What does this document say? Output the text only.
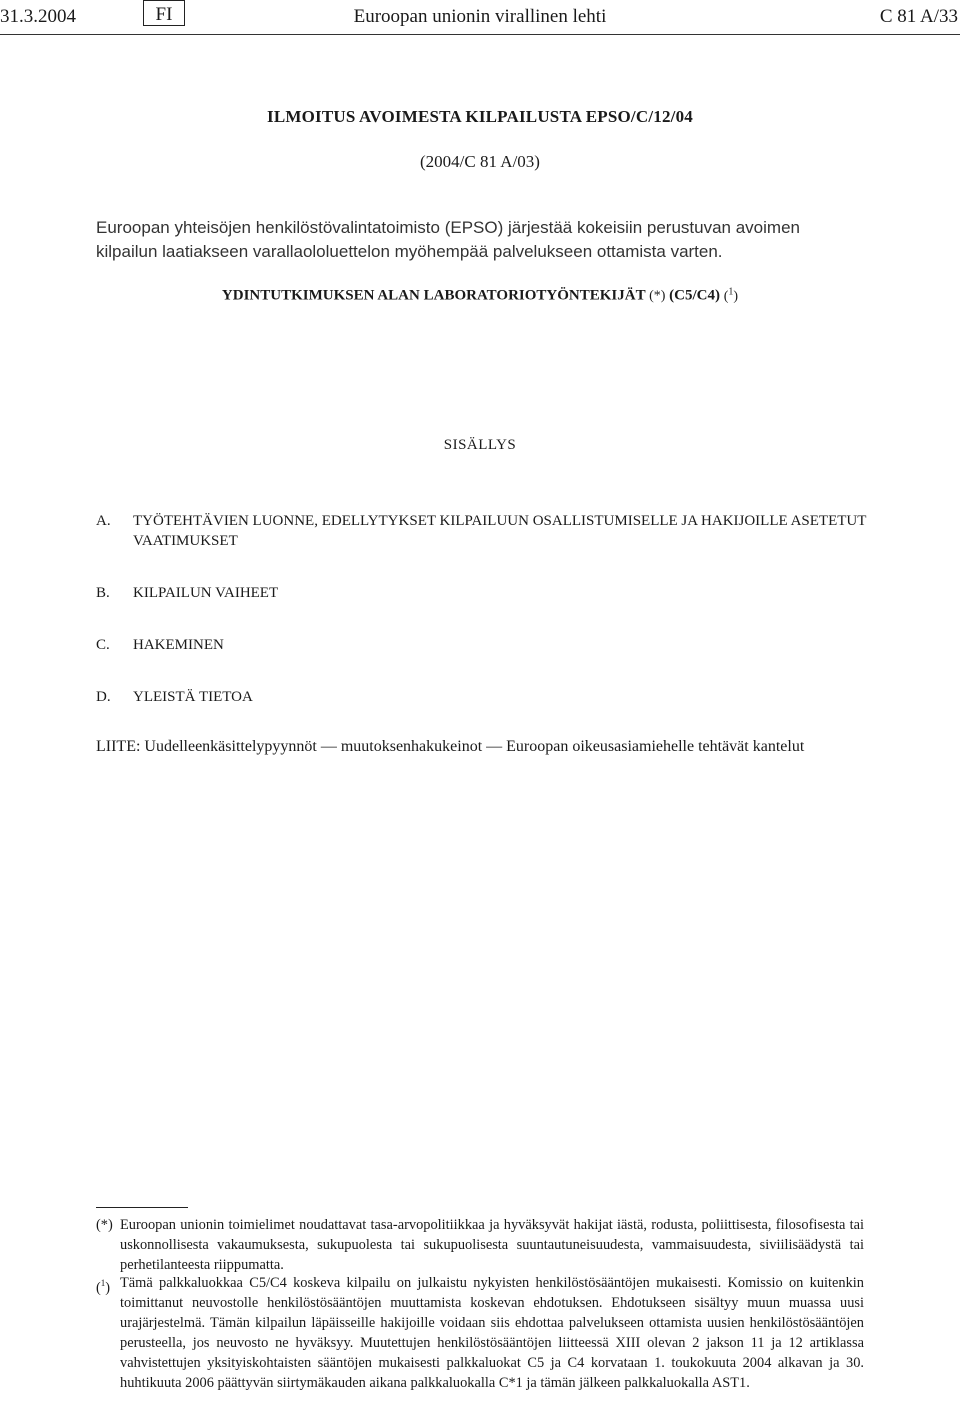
31.3.2004	FI	Euroopan unionin virallinen lehti	C 81 A/33
ILMOITUS AVOIMESTA KILPAILUSTA EPSO/C/12/04
(2004/C 81 A/03)
Euroopan yhteisöjen henkilöstövalintatoimisto (EPSO) järjestää kokeisiin perustuvan avoimen kilpailun laatiakseen varallaololuettelon myöhempää palvelukseen ottamista varten.
YDINTUTKIMUKSEN ALAN LABORATORIOTYÖNTEKIJÄT (*) (C5/C4) ($^1$)
SISÄLLYS
A. TYÖTEHTÄVIEN LUONNE, EDELLYTYKSET KILPAILUUN OSALLISTUMISELLE JA HAKIJOILLE ASETETUT VAATIMUKSET
B. KILPAILUN VAIHEET
C. HAKEMINEN
D. YLEISTÄ TIETOA
LIITE: Uudelleenkäsittelypyynnöt — muutoksenhakukeinot — Euroopan oikeusasiamiehelle tehtävät kantelut
(*) Euroopan unionin toimielimet noudattavat tasa-arvopolitiikkaa ja hyväksyvät hakijat iästä, rodusta, poliittisesta, filosofisesta tai uskonnollisesta vakaumuksesta, sukupuolesta tai sukupuolisesta suuntautuneisuudesta, vammaisuudesta, siviilisäädystä tai perhetilanteesta riippumatta.
($^1$) Tämä palkkaluokkaa C5/C4 koskeva kilpailu on julkaistu nykyisten henkilöstösääntöjen mukaisesti. Komissio on kuitenkin toimittanut neuvostolle henkilöstösääntöjen muuttamista koskevan ehdotuksen. Ehdotukseen sisältyy muun muassa uusi urajärjestelmä. Tämän kilpailun läpäisseille hakijoille voidaan siis ehdottaa palvelukseen ottamista uusien henkilöstösääntöjen perusteella, jos neuvosto ne hyväksyy. Muutettujen henkilöstösääntöjen liitteessä XIII olevan 2 jakson 11 ja 12 artiklassa vahvistettujen yksityiskohtaisten sääntöjen mukaisesti palkkaluokat C5 ja C4 korvataan 1. toukokuuta 2004 alkavan ja 30. huhtikuuta 2006 päättyvän siirtymäkauden aikana palkkaluokalla C*1 ja tämän jälkeen palkkaluokalla AST1.
